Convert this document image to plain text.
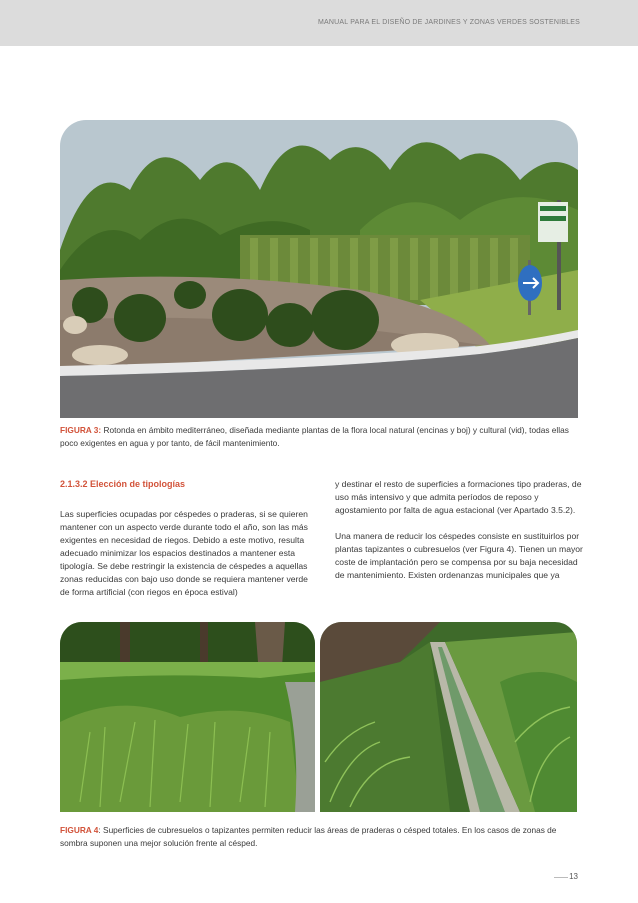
MANUAL PARA EL DISEÑO DE JARDINES Y ZONAS VERDES SOSTENIBLES
FIGURA 3: Rotonda en ámbito mediterráneo, diseñada mediante plantas de la flora local natural (encinas y boj) y cultural (vid), todas ellas poco exigentes en agua y por tanto, de fácil mantenimiento.
2.1.3.2 Elección de tipologías

Las superficies ocupadas por céspedes o praderas, si se quieren mantener con un aspecto verde durante todo el año, son las más exigentes en necesidad de riegos. Debido a este motivo, resulta adecuado minimizar los espacios destinados a mantener esta tipología. Se debe restringir la existencia de céspedes a aquellas zonas reducidas con bajo uso donde se requiera mantener verde de forma artificial (con riegos en época estival)

y destinar el resto de superficies a formaciones tipo praderas, de uso más intensivo y que admita períodos de reposo y agostamiento por falta de agua estacional (ver Apartado 3.5.2).

Una manera de reducir los céspedes consiste en sustituirlos por plantas tapizantes o cubresuelos (ver Figura 4). Tienen un mayor coste de implantación pero se compensa por su baja necesidad de mantenimiento. Existen ordenanzas municipales que ya

FIGURA 4: Superficies de cubresuelos o tapizantes permiten reducir las áreas de praderas o césped totales. En los casos de zonas de sombra suponen una mejor solución frente al césped.
13
